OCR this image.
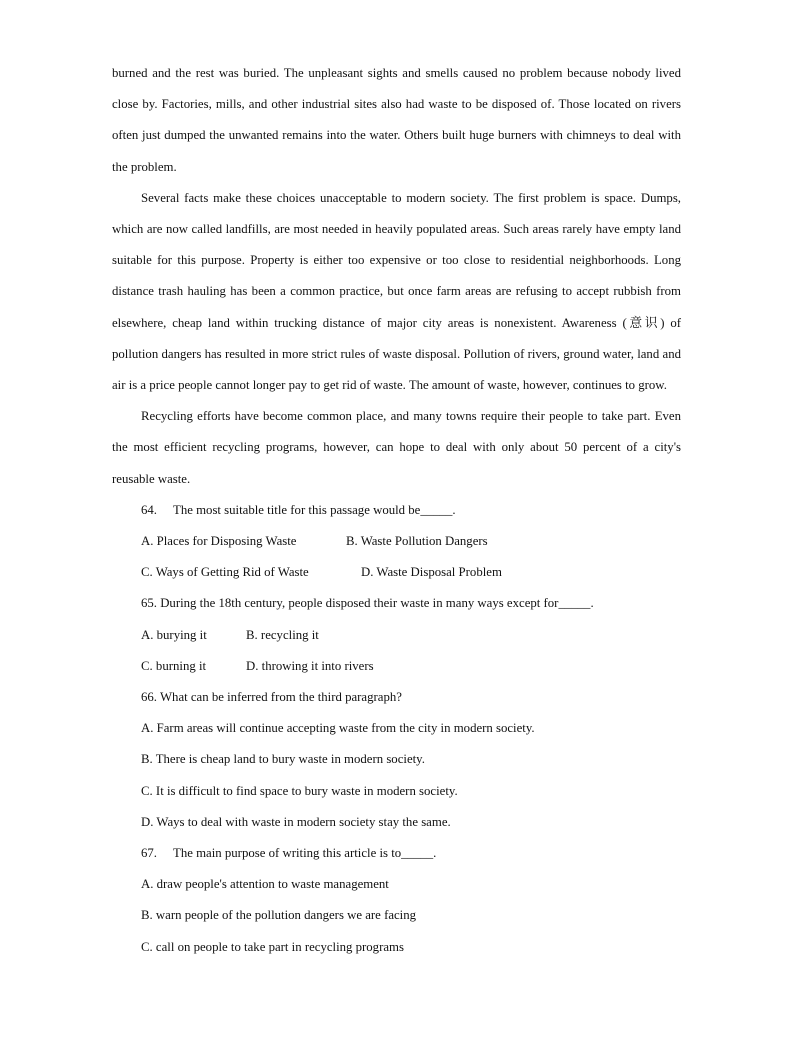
burned and the rest was buried. The unpleasant sights and smells caused no problem because nobody lived close by. Factories, mills, and other industrial sites also had waste to be disposed of. Those located on rivers often just dumped the unwanted remains into the water. Others built huge burners with chimneys to deal with the problem.

Several facts make these choices unacceptable to modern society. The first problem is space. Dumps, which are now called landfills, are most needed in heavily populated areas. Such areas rarely have empty land suitable for this purpose. Property is either too expensive or too close to residential neighborhoods. Long distance trash hauling has been a common practice, but once farm areas are refusing to accept rubbish from elsewhere, cheap land within trucking distance of major city areas is nonexistent. Awareness (意识) of pollution dangers has resulted in more strict rules of waste disposal. Pollution of rivers, ground water, land and air is a price people cannot longer pay to get rid of waste. The amount of waste, however, continues to grow.

Recycling efforts have become common place, and many towns require their people to take part. Even the most efficient recycling programs, however, can hope to deal with only about 50 percent of a city's reusable waste.

64. The most suitable title for this passage would be_____.

A. Places for Disposing Waste	B. Waste Pollution Dangers

C. Ways of Getting Rid of Waste	D. Waste Disposal Problem

65. During the 18th century, people disposed their waste in many ways except for_____.

A. burying it	B. recycling it

C. burning it	D. throwing it into rivers

66. What can be inferred from the third paragraph?

A. Farm areas will continue accepting waste from the city in modern society.

B. There is cheap land to bury waste in modern society.

C. It is difficult to find space to bury waste in modern society.

D. Ways to deal with waste in modern society stay the same.

67. The main purpose of writing this article is to_____.

A. draw people's attention to waste management

B. warn people of the pollution dangers we are facing

C. call on people to take part in recycling programs
